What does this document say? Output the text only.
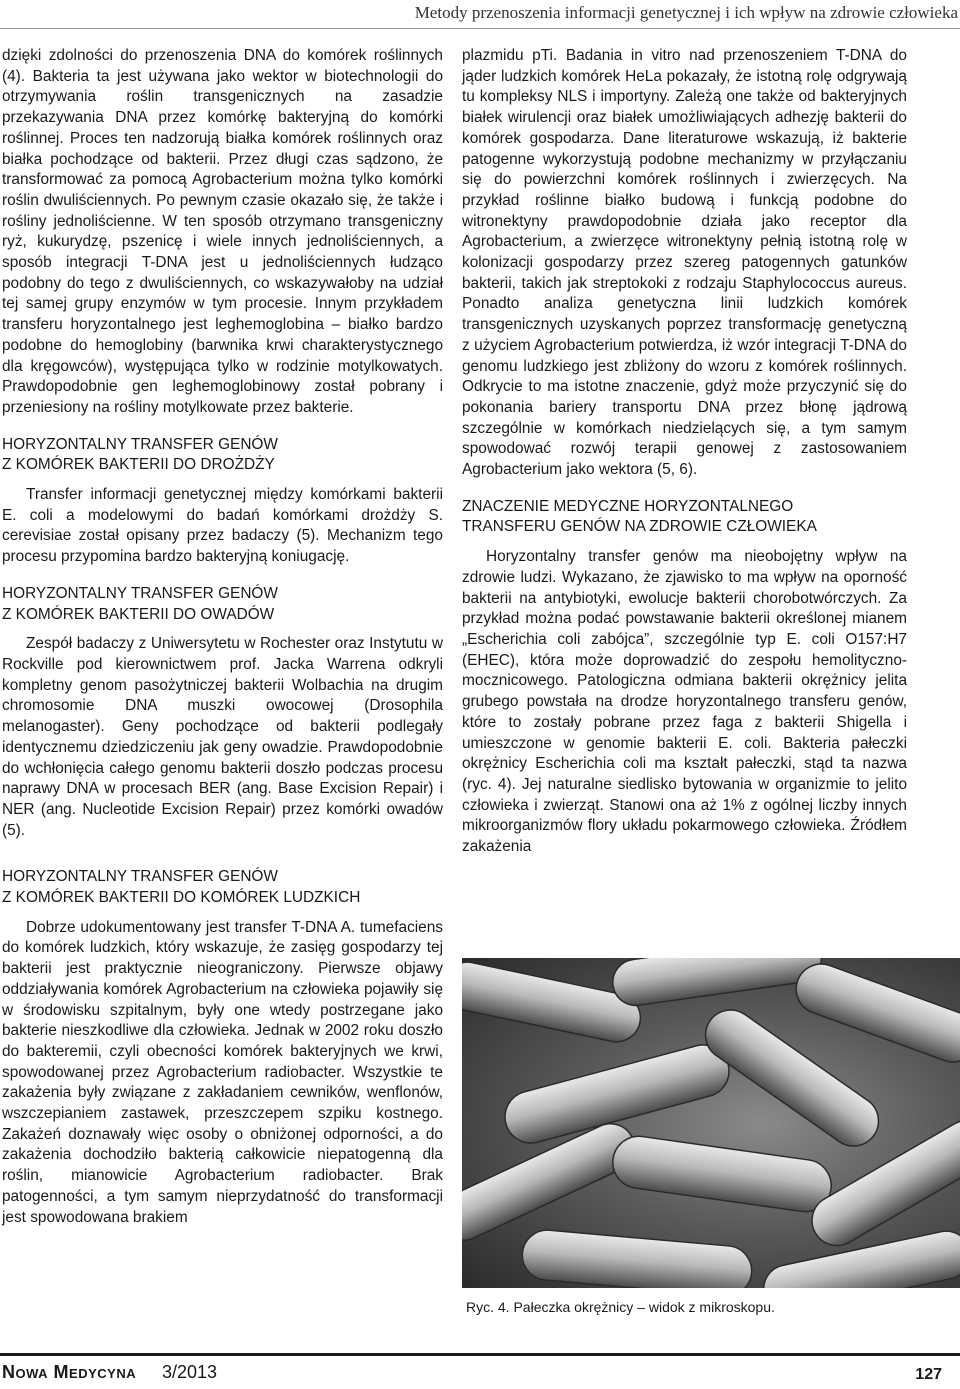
Metody przenoszenia informacji genetycznej i ich wpływ na zdrowie człowieka

dzięki zdolności do przenoszenia DNA do komórek roślinnych (4). Bakteria ta jest używana jako wektor w biotechnologii do otrzymywania roślin transgenicznych na zasadzie przekazywania DNA przez komórkę bakteryjną do komórki roślinnej. Proces ten nadzorują białka komórek roślinnych oraz białka pochodzące od bakterii. Przez długi czas sądzono, że transformować za pomocą Agrobacterium można tylko komórki roślin dwuliściennych. Po pewnym czasie okazało się, że także i rośliny jednoliścienne. W ten sposób otrzymano transgeniczny ryż, kukurydzę, pszenicę i wiele innych jednoliściennych, a sposób integracji T-DNA jest u jednoliściennych łudząco podobny do tego z dwuliściennych, co wskazywałoby na udział tej samej grupy enzymów w tym procesie. Innym przykładem transferu horyzontalnego jest leghemoglobina – białko bardzo podobne do hemoglobiny (barwnika krwi charakterystycznego dla kręgowców), występująca tylko w rodzinie motylkowatych. Prawdopodobnie gen leghemoglobinowy został pobrany i przeniesiony na rośliny motylkowate przez bakterie.

HORYZONTALNY TRANSFER GENÓW
Z KOMÓREK BAKTERII DO DROŻDŻY

Transfer informacji genetycznej między komórkami bakterii E. coli a modelowymi do badań komórkami drożdży S. cerevisiae został opisany przez badaczy (5). Mechanizm tego procesu przypomina bardzo bakteryjną koniugację.

HORYZONTALNY TRANSFER GENÓW
Z KOMÓREK BAKTERII DO OWADÓW

Zespół badaczy z Uniwersytetu w Rochester oraz Instytutu w Rockville pod kierownictwem prof. Jacka Warrena odkryli kompletny genom pasożytniczej bakterii Wolbachia na drugim chromosomie DNA muszki owocowej (Drosophila melanogaster). Geny pochodzące od bakterii podlegały identycznemu dziedziczeniu jak geny owadzie. Prawdopodobnie do wchłonięcia całego genomu bakterii doszło podczas procesu naprawy DNA w procesach BER (ang. Base Excision Repair) i NER (ang. Nucleotide Excision Repair) przez komórki owadów (5).

HORYZONTALNY TRANSFER GENÓW
Z KOMÓREK BAKTERII DO KOMÓREK LUDZKICH

Dobrze udokumentowany jest transfer T-DNA A. tumefaciens do komórek ludzkich, który wskazuje, że zasięg gospodarzy tej bakterii jest praktycznie nieograniczony. Pierwsze objawy oddziaływania komórek Agrobacterium na człowieka pojawiły się w środowisku szpitalnym, były one wtedy postrzegane jako bakterie nieszkodliwe dla człowieka. Jednak w 2002 roku doszło do bakteremii, czyli obecności komórek bakteryjnych we krwi, spowodowanej przez Agrobacterium radiobacter. Wszystkie te zakażenia były związane z zakładaniem cewników, wenflonów, wszczepianiem zastawek, przeszczepem szpiku kostnego. Zakażeń doznawały więc osoby o obniżonej odporności, a do zakażenia dochodziło bakterią całkowicie niepatogenną dla roślin, mianowicie Agrobacterium radiobacter. Brak patogenności, a tym samym nieprzydatność do transformacji jest spowodowana brakiem

plazmidu pTi. Badania in vitro nad przenoszeniem T-DNA do jąder ludzkich komórek HeLa pokazały, że istotną rolę odgrywają tu kompleksy NLS i importyny. Zależą one także od bakteryjnych białek wirulencji oraz białek umożliwiających adhezję bakterii do komórek gospodarza. Dane literaturowe wskazują, iż bakterie patogenne wykorzystują podobne mechanizmy w przyłączaniu się do powierzchni komórek roślinnych i zwierzęcych. Na przykład roślinne białko budową i funkcją podobne do witronektyny prawdopodobnie działa jako receptor dla Agrobacterium, a zwierzęce witronektyny pełnią istotną rolę w kolonizacji gospodarzy przez szereg patogennych gatunków bakterii, takich jak streptokoki z rodzaju Staphylococcus aureus. Ponadto analiza genetyczna linii ludzkich komórek transgenicznych uzyskanych poprzez transformację genetyczną z użyciem Agrobacterium potwierdza, iż wzór integracji T-DNA do genomu ludzkiego jest zbliżony do wzoru z komórek roślinnych. Odkrycie to ma istotne znaczenie, gdyż może przyczynić się do pokonania bariery transportu DNA przez błonę jądrową szczególnie w komórkach niedzielących się, a tym samym spowodować rozwój terapii genowej z zastosowaniem Agrobacterium jako wektora (5, 6).

ZNACZENIE MEDYCZNE HORYZONTALNEGO
TRANSFERU GENÓW NA ZDROWIE CZŁOWIEKA

Horyzontalny transfer genów ma nieobojętny wpływ na zdrowie ludzi. Wykazano, że zjawisko to ma wpływ na oporność bakterii na antybiotyki, ewolucje bakterii chorobotwórczych. Za przykład można podać powstawanie bakterii określonej mianem „Escherichia coli zabójca”, szczególnie typ E. coli O157:H7 (EHEC), która może doprowadzić do zespołu hemolityczno-mocznicowego. Patologiczna odmiana bakterii okrężnicy jelita grubego powstała na drodze horyzontalnego transferu genów, które to zostały pobrane przez faga z bakterii Shigella i umieszczone w genomie bakterii E. coli. Bakteria pałeczki okrężnicy Escherichia coli ma kształt pałeczki, stąd ta nazwa (ryc. 4). Jej naturalne siedlisko bytowania w organizmie to jelito człowieka i zwierząt. Stanowi ona aż 1% z ogólnej liczby innych mikroorganizmów flory układu pokarmowego człowieka. Źródłem zakażenia

Ryc. 4. Pałeczka okrężnicy – widok z mikroskopu.
Nowa Medycyna 3/2013	127
